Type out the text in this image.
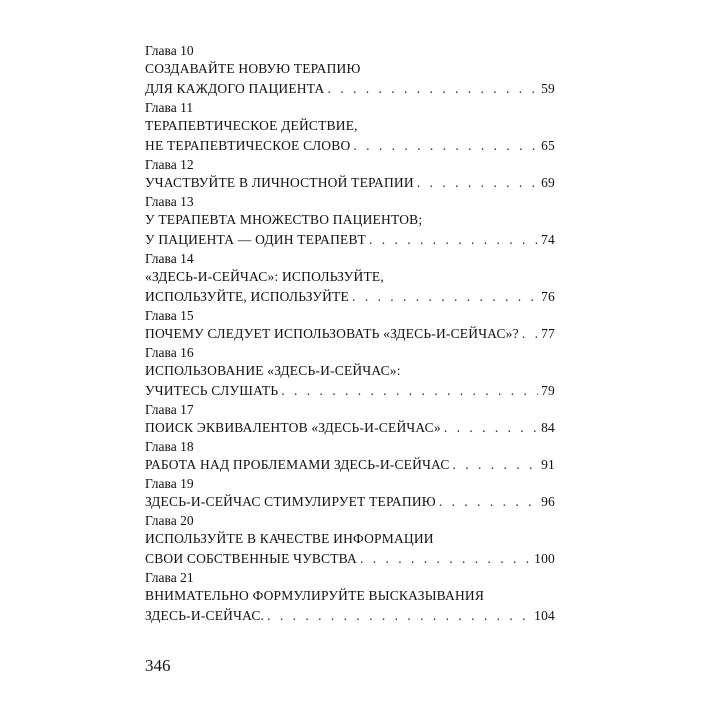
Глава 10
СОЗДАВАЙТЕ НОВУЮ ТЕРАПИЮ
ДЛЯ КАЖДОГО ПАЦИЕНТА . . .	59
Глава 11
ТЕРАПЕВТИЧЕСКОЕ ДЕЙСТВИЕ,
НЕ ТЕРАПЕВТИЧЕСКОЕ СЛОВО . . .	65
Глава 12
УЧАСТВУЙТЕ В ЛИЧНОСТНОЙ ТЕРАПИИ . . .	69
Глава 13
У ТЕРАПЕВТА МНОЖЕСТВО ПАЦИЕНТОВ;
У ПАЦИЕНТА — ОДИН ТЕРАПЕВТ . . .	74
Глава 14
«ЗДЕСЬ-И-СЕЙЧАС»: ИСПОЛЬЗУЙТЕ,
ИСПОЛЬЗУЙТЕ, ИСПОЛЬЗУЙТЕ . . .	76
Глава 15
ПОЧЕМУ СЛЕДУЕТ ИСПОЛЬЗОВАТЬ «ЗДЕСЬ-И-СЕЙЧАС»? . . . 77
Глава 16
ИСПОЛЬЗОВАНИЕ «ЗДЕСЬ-И-СЕЙЧАС»:
УЧИТЕСЬ СЛУШАТЬ . . .	79
Глава 17
ПОИСК ЭКВИВАЛЕНТОВ «ЗДЕСЬ-И-СЕЙЧАС» . . .	84
Глава 18
РАБОТА НАД ПРОБЛЕМАМИ ЗДЕСЬ-И-СЕЙЧАС . . .	91
Глава 19
ЗДЕСЬ-И-СЕЙЧАС СТИМУЛИРУЕТ ТЕРАПИЮ . . .	96
Глава 20
ИСПОЛЬЗУЙТЕ В КАЧЕСТВЕ ИНФОРМАЦИИ
СВОИ СОБСТВЕННЫЕ ЧУВСТВА . . .	100
Глава 21
ВНИМАТЕЛЬНО ФОРМУЛИРУЙТЕ ВЫСКАЗЫВАНИЯ
ЗДЕСЬ-И-СЕЙЧАС. . . .	104
346
